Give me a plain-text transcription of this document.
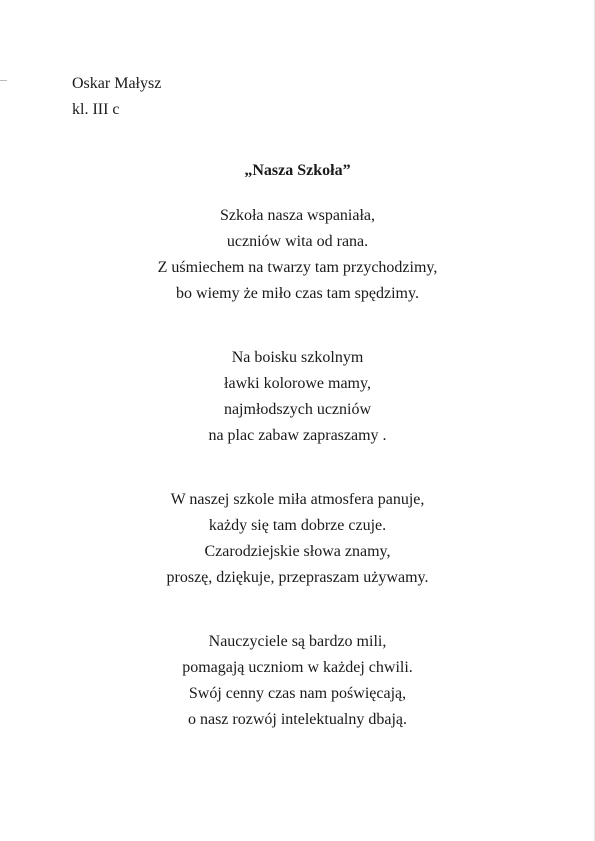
Oskar Małysz
kl. III c
„Nasza Szkoła”
Szkoła nasza wspaniała,
uczniów wita od rana.
Z uśmiechem na twarzy tam przychodzimy,
bo wiemy że miło czas tam spędzimy.
Na boisku szkolnym
ławki kolorowe mamy,
najmłodszych uczniów
na plac zabaw zapraszamy .
W naszej szkole miła atmosfera panuje,
każdy się tam dobrze czuje.
Czarodziejskie słowa znamy,
proszę, dziękuje, przepraszam używamy.
Nauczyciele są bardzo mili,
pomagają uczniom w każdej chwili.
Swój cenny czas nam poświęcają,
o nasz rozwój intelektualny dbają.
